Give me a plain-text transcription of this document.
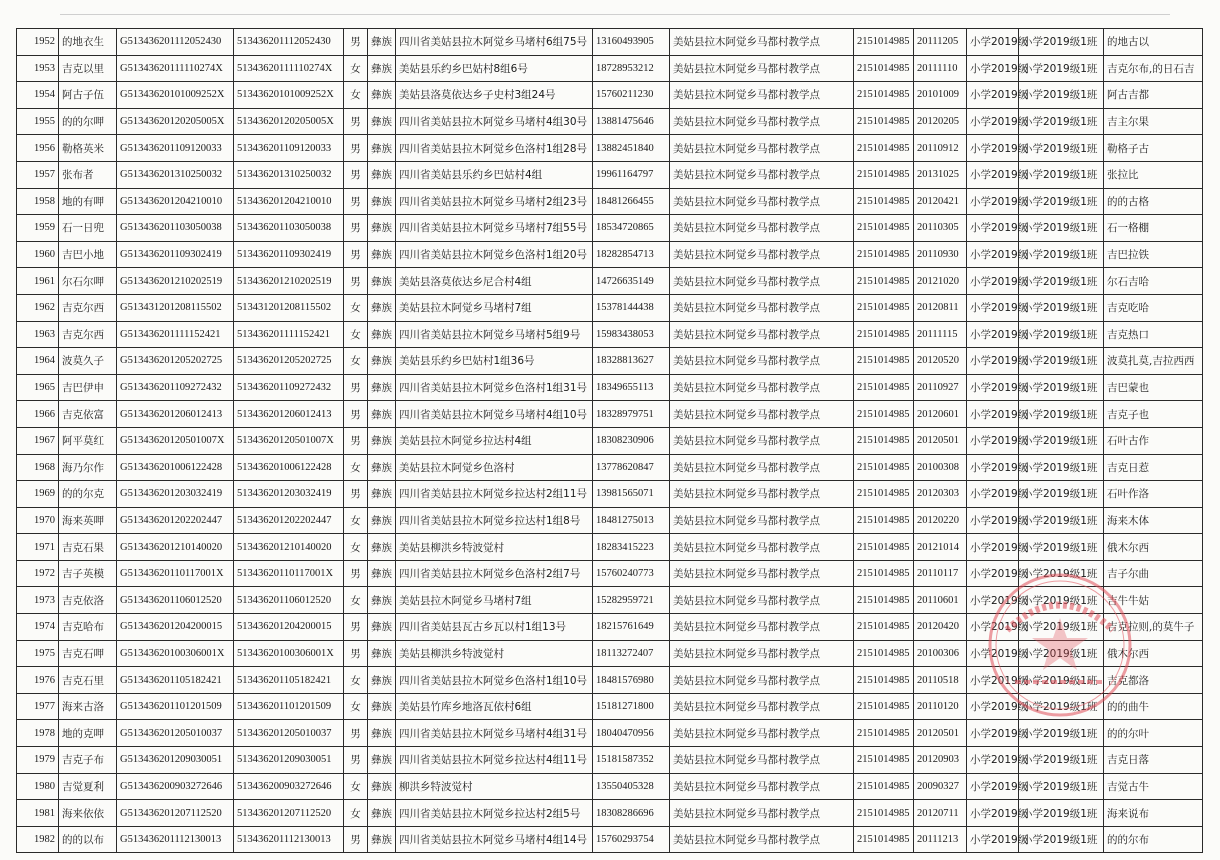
1952	的地衣生	G513436201112052430	513436201112052430	男	彝族	四川省美姑县拉木阿觉乡马堵村6组75号	13160493905	美姑县拉木阿觉乡马都村教学点	2151014985	20111205	小学2019级	小学2019级1班	的地古以
1953	吉克以里	G51343620111110274X	51343620111110274X	女	彝族	美姑县乐约乡巴姑村8组6号	18728953212	美姑县拉木阿觉乡马都村教学点	2151014985	20111110	小学2019级	小学2019级1班	吉克尔布,的日石吉
1954	阿古子伍	G51343620101009252X	51343620101009252X	女	彝族	美姑县洛莫依达乡子史村3组24号	15760211230	美姑县拉木阿觉乡马都村教学点	2151014985	20101009	小学2019级	小学2019级1班	阿古吉都
1955	的的尔呷	G51343620120205005X	51343620120205005X	男	彝族	四川省美姑县拉木阿觉乡马堵村4组30号	13881475646	美姑县拉木阿觉乡马都村教学点	2151014985	20120205	小学2019级	小学2019级1班	吉主尔果
1956	勒格英米	G513436201109120033	513436201109120033	男	彝族	四川省美姑县拉木阿觉乡色洛村1组28号	13882451840	美姑县拉木阿觉乡马都村教学点	2151014985	20110912	小学2019级	小学2019级1班	勒格子古
1957	张布者	G513436201310250032	513436201310250032	男	彝族	四川省美姑县乐约乡巴姑村4组	19961164797	美姑县拉木阿觉乡马都村教学点	2151014985	20131025	小学2019级	小学2019级1班	张拉比
1958	地的有呷	G513436201204210010	513436201204210010	男	彝族	四川省美姑县拉木阿觉乡马堵村2组23号	18481266455	美姑县拉木阿觉乡马都村教学点	2151014985	20120421	小学2019级	小学2019级1班	的的古格
1959	石一日兜	G513436201103050038	513436201103050038	男	彝族	四川省美姑县拉木阿觉乡马堵村7组55号	18534720865	美姑县拉木阿觉乡马都村教学点	2151014985	20110305	小学2019级	小学2019级1班	石一格棚
1960	吉巴小地	G513436201109302419	513436201109302419	男	彝族	四川省美姑县拉木阿觉乡色洛村1组20号	18282854713	美姑县拉木阿觉乡马都村教学点	2151014985	20110930	小学2019级	小学2019级1班	吉巴拉铁
1961	尔石尔呷	G513436201210202519	513436201210202519	男	彝族	美姑县洛莫依达乡尼合村4组	14726635149	美姑县拉木阿觉乡马都村教学点	2151014985	20121020	小学2019级	小学2019级1班	尔石吉哈
1962	吉克尔西	G513431201208115502	513431201208115502	女	彝族	美姑县拉木阿觉乡马堵村7组	15378144438	美姑县拉木阿觉乡马都村教学点	2151014985	20120811	小学2019级	小学2019级1班	吉克吃哈
1963	吉克尔西	G513436201111152421	513436201111152421	女	彝族	四川省美姑县拉木阿觉乡马堵村5组9号	15983438053	美姑县拉木阿觉乡马都村教学点	2151014985	20111115	小学2019级	小学2019级1班	吉克热口
1964	波莫久子	G513436201205202725	513436201205202725	女	彝族	美姑县乐约乡巴姑村1组36号	18328813627	美姑县拉木阿觉乡马都村教学点	2151014985	20120520	小学2019级	小学2019级1班	波莫扎莫,吉拉西西
1965	吉巴伊申	G513436201109272432	513436201109272432	男	彝族	四川省美姑县拉木阿觉乡色洛村1组31号	18349655113	美姑县拉木阿觉乡马都村教学点	2151014985	20110927	小学2019级	小学2019级1班	吉巴蒙也
1966	吉克依富	G513436201206012413	513436201206012413	男	彝族	四川省美姑县拉木阿觉乡马堵村4组10号	18328979751	美姑县拉木阿觉乡马都村教学点	2151014985	20120601	小学2019级	小学2019级1班	吉克子也
1967	阿平莫红	G51343620120501007X	51343620120501007X	男	彝族	美姑县拉木阿觉乡拉达村4组	18308230906	美姑县拉木阿觉乡马都村教学点	2151014985	20120501	小学2019级	小学2019级1班	石叶古作
1968	海乃尔作	G513436201006122428	513436201006122428	女	彝族	美姑县拉木阿觉乡色洛村	13778620847	美姑县拉木阿觉乡马都村教学点	2151014985	20100308	小学2019级	小学2019级1班	吉克日惹
1969	的的尔克	G513436201203032419	513436201203032419	男	彝族	四川省美姑县拉木阿觉乡拉达村2组11号	13981565071	美姑县拉木阿觉乡马都村教学点	2151014985	20120303	小学2019级	小学2019级1班	石叶作洛
1970	海来英呷	G513436201202202447	513436201202202447	女	彝族	四川省美姑县拉木阿觉乡拉达村1组8号	18481275013	美姑县拉木阿觉乡马都村教学点	2151014985	20120220	小学2019级	小学2019级1班	海来木体
1971	吉克石果	G513436201210140020	513436201210140020	女	彝族	美姑县柳洪乡特波觉村	18283415223	美姑县拉木阿觉乡马都村教学点	2151014985	20121014	小学2019级	小学2019级1班	俄木尔西
1972	吉子英模	G51343620110117001X	51343620110117001X	男	彝族	四川省美姑县拉木阿觉乡色洛村2组7号	15760240773	美姑县拉木阿觉乡马都村教学点	2151014985	20110117	小学2019级	小学2019级1班	吉子尔曲
1973	吉克依洛	G513436201106012520	513436201106012520	女	彝族	美姑县拉木阿觉乡马堵村7组	15282959721	美姑县拉木阿觉乡马都村教学点	2151014985	20110601	小学2019级	小学2019级1班	吉牛牛姑
1974	吉克哈布	G513436201204200015	513436201204200015	男	彝族	四川省美姑县瓦古乡瓦以村1组13号	18215761649	美姑县拉木阿觉乡马都村教学点	2151014985	20120420	小学2019级	小学2019级1班	吉克拉则,的莫牛子
1975	吉克石呷	G51343620100306001X	51343620100306001X	男	彝族	美姑县柳洪乡特波觉村	18113272407	美姑县拉木阿觉乡马都村教学点	2151014985	20100306	小学2019级	小学2019级1班	俄木尔西
1976	吉克石里	G513436201105182421	513436201105182421	女	彝族	四川省美姑县拉木阿觉乡色洛村1组10号	18481576980	美姑县拉木阿觉乡马都村教学点	2151014985	20110518	小学2019级	小学2019级1班	吉克都洛
1977	海来古洛	G513436201101201509	513436201101201509	女	彝族	美姑县竹库乡地洛瓦依村6组	15181271800	美姑县拉木阿觉乡马都村教学点	2151014985	20110120	小学2019级	小学2019级1班	的的曲牛
1978	地的克呷	G513436201205010037	513436201205010037	男	彝族	四川省美姑县拉木阿觉乡马堵村4组31号	18040470956	美姑县拉木阿觉乡马都村教学点	2151014985	20120501	小学2019级	小学2019级1班	的的尔叶
1979	吉克子布	G513436201209030051	513436201209030051	男	彝族	四川省美姑县拉木阿觉乡拉达村4组11号	15181587352	美姑县拉木阿觉乡马都村教学点	2151014985	20120903	小学2019级	小学2019级1班	吉克日落
1980	吉觉夏利	G513436200903272646	513436200903272646	女	彝族	柳洪乡特波觉村	13550405328	美姑县拉木阿觉乡马都村教学点	2151014985	20090327	小学2019级	小学2019级1班	吉觉古牛
1981	海来依依	G513436201207112520	513436201207112520	女	彝族	四川省美姑县拉木阿觉乡拉达村2组5号	18308286696	美姑县拉木阿觉乡马都村教学点	2151014985	20120711	小学2019级	小学2019级1班	海来说布
1982	的的以布	G513436201112130013	513436201112130013	男	彝族	四川省美姑县拉木阿觉乡马堵村4组14号	15760293754	美姑县拉木阿觉乡马都村教学点	2151014985	20111213	小学2019级	小学2019级1班	的的尔布
